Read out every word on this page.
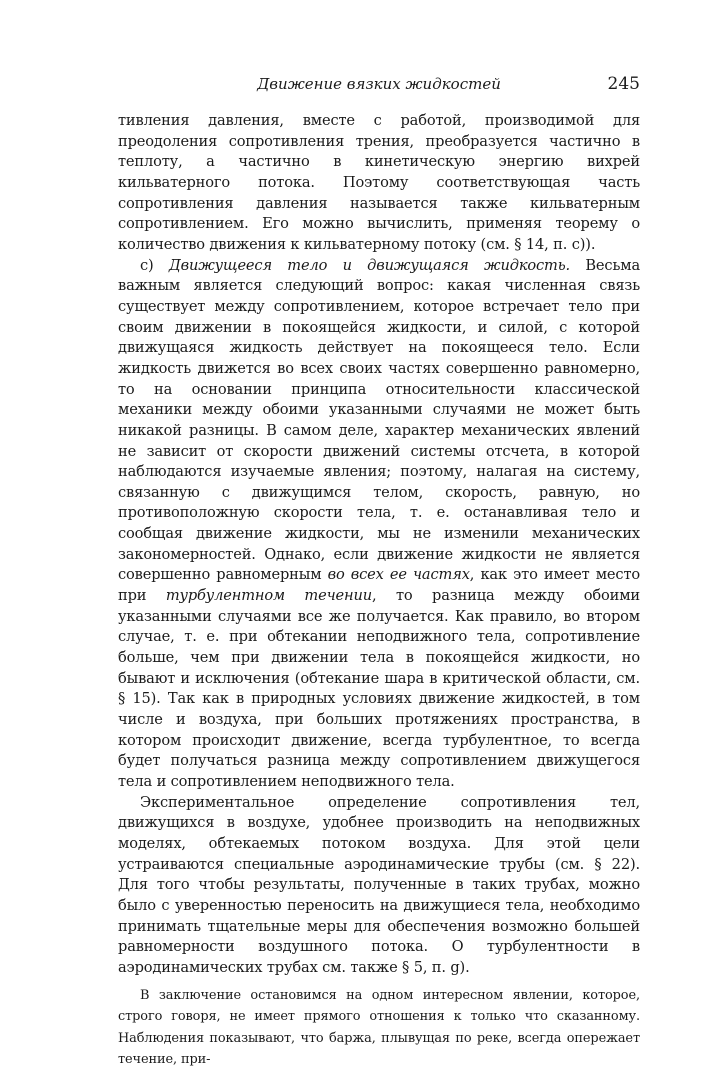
Движение вязких жидкостей	245

тивления давления, вместе с работой, производимой для преодоления сопротивления трения, преобразуется частично в теплоту, а частично в кинетическую энергию вихрей кильватерного потока. Поэтому соответствующая часть сопротивления давления называется также кильватерным сопротивлением. Его можно вычислить, применяя теорему о количество движения к кильватерному потоку (см. § 14, п. c)).

c) Движущееся тело и движущаяся жидкость. Весьма важным является следующий вопрос: какая численная связь существует между сопротивлением, которое встречает тело при своим движении в покоящейся жидкости, и силой, с которой движущаяся жидкость действует на покоящееся тело. Если жидкость движется во всех своих частях совершенно равномерно, то на основании принципа относительности классической механики между обоими указанными случаями не может быть никакой разницы. В самом деле, характер механических явлений не зависит от скорости движений системы отсчета, в которой наблюдаются изучаемые явления; поэтому, налагая на систему, связанную с движущимся телом, скорость, равную, но противоположную скорости тела, т. е. останавливая тело и сообщая движение жидкости, мы не изменили механических закономерностей. Однако, если движение жидкости не является совершенно равномерным во всех ее частях, как это имеет место при турбулентном течении, то разница между обоими указанными случаями все же получается. Как правило, во втором случае, т. е. при обтекании неподвижного тела, сопротивление больше, чем при движении тела в покоящейся жидкости, но бывают и исключения (обтекание шара в критической области, см. § 15). Так как в природных условиях движение жидкостей, в том числе и воздуха, при больших протяжениях пространства, в котором происходит движение, всегда турбулентное, то всегда будет получаться разница между сопротивлением движущегося тела и сопротивлением неподвижного тела.

Экспериментальное определение сопротивления тел, движущихся в воздухе, удобнее производить на неподвижных моделях, обтекаемых потоком воздуха. Для этой цели устраиваются специальные аэродинамические трубы (см. § 22). Для того чтобы результаты, полученные в таких трубах, можно было с уверенностью переносить на движущиеся тела, необходимо принимать тщательные меры для обеспечения возможно большей равномерности воздушного потока. О турбулентности в аэродинамических трубах см. также § 5, п. g).

В заключение остановимся на одном интересном явлении, которое, строго говоря, не имеет прямого отношения к только что сказанному. Наблюдения показывают, что баржа, плывущая по реке, всегда опережает течение, при-
